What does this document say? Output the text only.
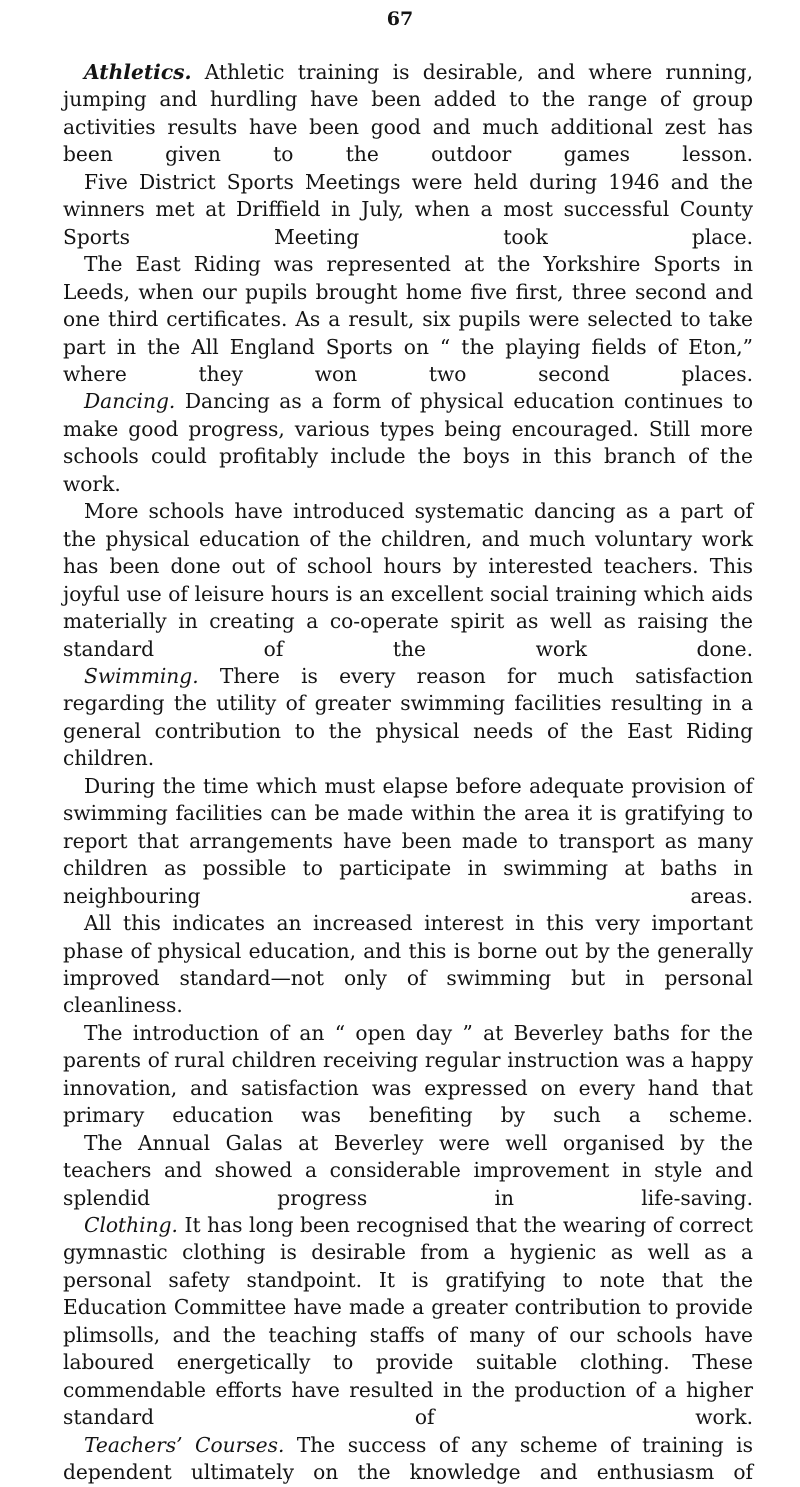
67

Athletics. Athletic training is desirable, and where running, jumping and hurdling have been added to the range of group activities results have been good and much additional zest has been given to the outdoor games lesson.

Five District Sports Meetings were held during 1946 and the winners met at Driffield in July, when a most successful County Sports Meeting took place.

The East Riding was represented at the Yorkshire Sports in Leeds, when our pupils brought home five first, three second and one third certificates. As a result, six pupils were selected to take part in the All England Sports on “ the playing fields of Eton,” where they won two second places.

Dancing. Dancing as a form of physical education continues to make good progress, various types being encouraged. Still more schools could profitably include the boys in this branch of the work.

More schools have introduced systematic dancing as a part of the physical education of the children, and much voluntary work has been done out of school hours by interested teachers. This joyful use of leisure hours is an excellent social training which aids materially in creating a co-operate spirit as well as raising the standard of the work done.

Swimming. There is every reason for much satisfaction regarding the utility of greater swimming facilities resulting in a general contribution to the physical needs of the East Riding children.

During the time which must elapse before adequate provision of swimming facilities can be made within the area it is gratifying to report that arrangements have been made to transport as many children as possible to participate in swimming at baths in neighbouring areas.

All this indicates an increased interest in this very important phase of physical education, and this is borne out by the generally improved standard—not only of swimming but in personal cleanliness.

The introduction of an “ open day ” at Beverley baths for the parents of rural children receiving regular instruction was a happy innovation, and satisfaction was expressed on every hand that primary education was benefiting by such a scheme.

The Annual Galas at Beverley were well organised by the teachers and showed a considerable improvement in style and splendid progress in life-saving.

Clothing. It has long been recognised that the wearing of correct gymnastic clothing is desirable from a hygienic as well as a personal safety standpoint. It is gratifying to note that the Education Committee have made a greater contribution to provide plimsolls, and the teaching staffs of many of our schools have laboured energetically to provide suitable clothing. These commendable efforts have resulted in the production of a higher standard of work.

Teachers’ Courses. The success of any scheme of training is dependent ultimately on the knowledge and enthusiasm of
